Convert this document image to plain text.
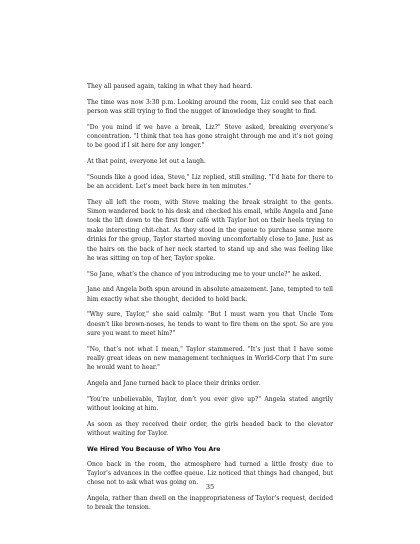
They all paused again, taking in what they had heard.

The time was now 3:30 p.m. Looking around the room, Liz could see that each person was still trying to find the nugget of knowledge they sought to find.

"Do you mind if we have a break, Liz?" Steve asked, breaking everyone’s concentration. "I think that tea has gone straight through me and it’s not going to be good if I sit here for any longer."

At that point, everyone let out a laugh.

"Sounds like a good idea, Steve," Liz replied, still smiling. "I’d hate for there to be an accident. Let’s meet back here in ten minutes."

They all left the room, with Steve making the break straight to the gents. Simon wandered back to his desk and checked his email, while Angela and Jane took the lift down to the first floor café with Taylor hot on their heels trying to make interesting chit-chat. As they stood in the queue to purchase some more drinks for the group, Taylor started moving uncomfortably close to Jane. Just as the hairs on the back of her neck started to stand up and she was feeling like he was sitting on top of her, Taylor spoke.

"So Jane, what’s the chance of you introducing me to your uncle?" he asked.

Jane and Angela both spun around in absolute amazement. Jane, tempted to tell him exactly what she thought, decided to hold back.

"Why sure, Taylor," she said calmly. "But I must warn you that Uncle Tom doesn’t like brown-noses, he tends to want to fire them on the spot. So are you sure you want to meet him?"

"No, that’s not what I mean," Taylor stammered. "It’s just that I have some really great ideas on new management techniques in World-Corp that I’m sure he would want to hear."

Angela and Jane turned back to place their drinks order.

"You’re unbelievable, Taylor, don’t you ever give up?" Angela stated angrily without looking at him.

As soon as they received their order, the girls headed back to the elevator without waiting for Taylor.

We Hired You Because of Who You Are

Once back in the room, the atmosphere had turned a little frosty due to Taylor’s advances in the coffee queue. Liz noticed that things had changed, but chose not to ask what was going on.

Angela, rather than dwell on the inappropriateness of Taylor’s request, decided to break the tension.

35
